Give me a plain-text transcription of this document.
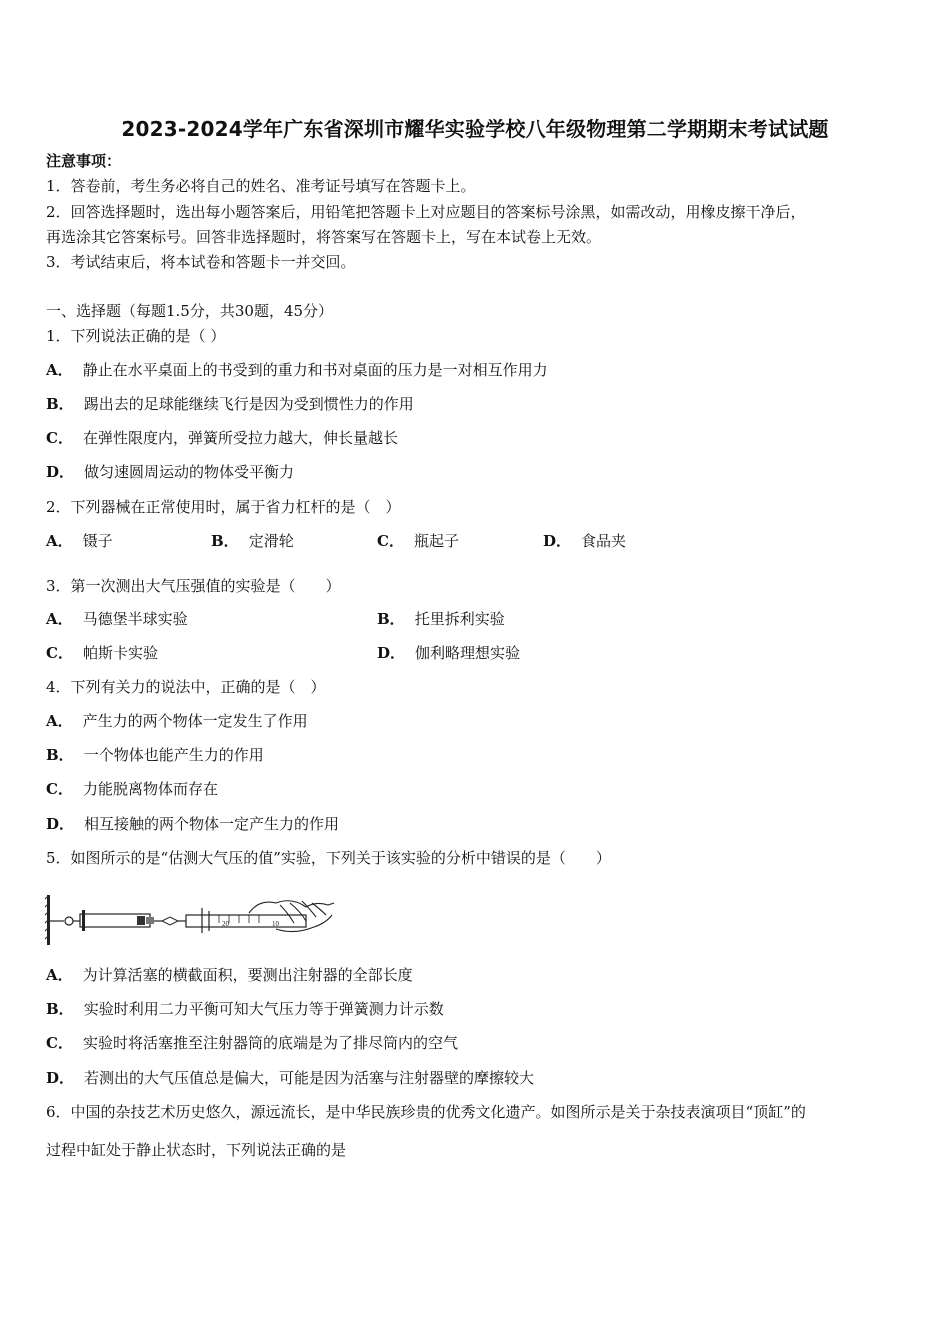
2023-2024学年广东省深圳市耀华实验学校八年级物理第二学期期末考试试题
注意事项：
1．答卷前，考生务必将自己的姓名、准考证号填写在答题卡上。
2．回答选择题时，选出每小题答案后，用铅笔把答题卡上对应题目的答案标号涂黑，如需改动，用橡皮擦干净后，
再选涂其它答案标号。回答非选择题时，将答案写在答题卡上，写在本试卷上无效。
3．考试结束后，将本试卷和答题卡一并交回。
一、选择题（每题1.5分，共30题，45分）
1．下列说法正确的是（ ）
A． 静止在水平桌面上的书受到的重力和书对桌面的压力是一对相互作用力
B． 踢出去的足球能继续飞行是因为受到惯性力的作用
C． 在弹性限度内，弹簧所受拉力越大，伸长量越长
D． 做匀速圆周运动的物体受平衡力
2．下列器械在正常使用时，属于省力杠杆的是（　）
A． 镊子	B． 定滑轮	C． 瓶起子	D． 食品夹
3．第一次测出大气压强值的实验是（　　）
A． 马德堡半球实验	B． 托里拆利实验
C． 帕斯卡实验	D． 伽利略理想实验
4．下列有关力的说法中，正确的是（　）
A． 产生力的两个物体一定发生了作用
B． 一个物体也能产生力的作用
C． 力能脱离物体而存在
D． 相互接触的两个物体一定产生力的作用
5．如图所示的是“估测大气压的值”实验，下列关于该实验的分析中错误的是（　　）
20	10
A． 为计算活塞的横截面积，要测出注射器的全部长度
B． 实验时利用二力平衡可知大气压力等于弹簧测力计示数
C． 实验时将活塞推至注射器筒的底端是为了排尽筒内的空气
D． 若测出的大气压值总是偏大，可能是因为活塞与注射器壁的摩擦较大
6．中国的杂技艺术历史悠久，源远流长，是中华民族珍贵的优秀文化遗产。如图所示是关于杂技表演项目“顶缸”的
过程中缸处于静止状态时，下列说法正确的是
